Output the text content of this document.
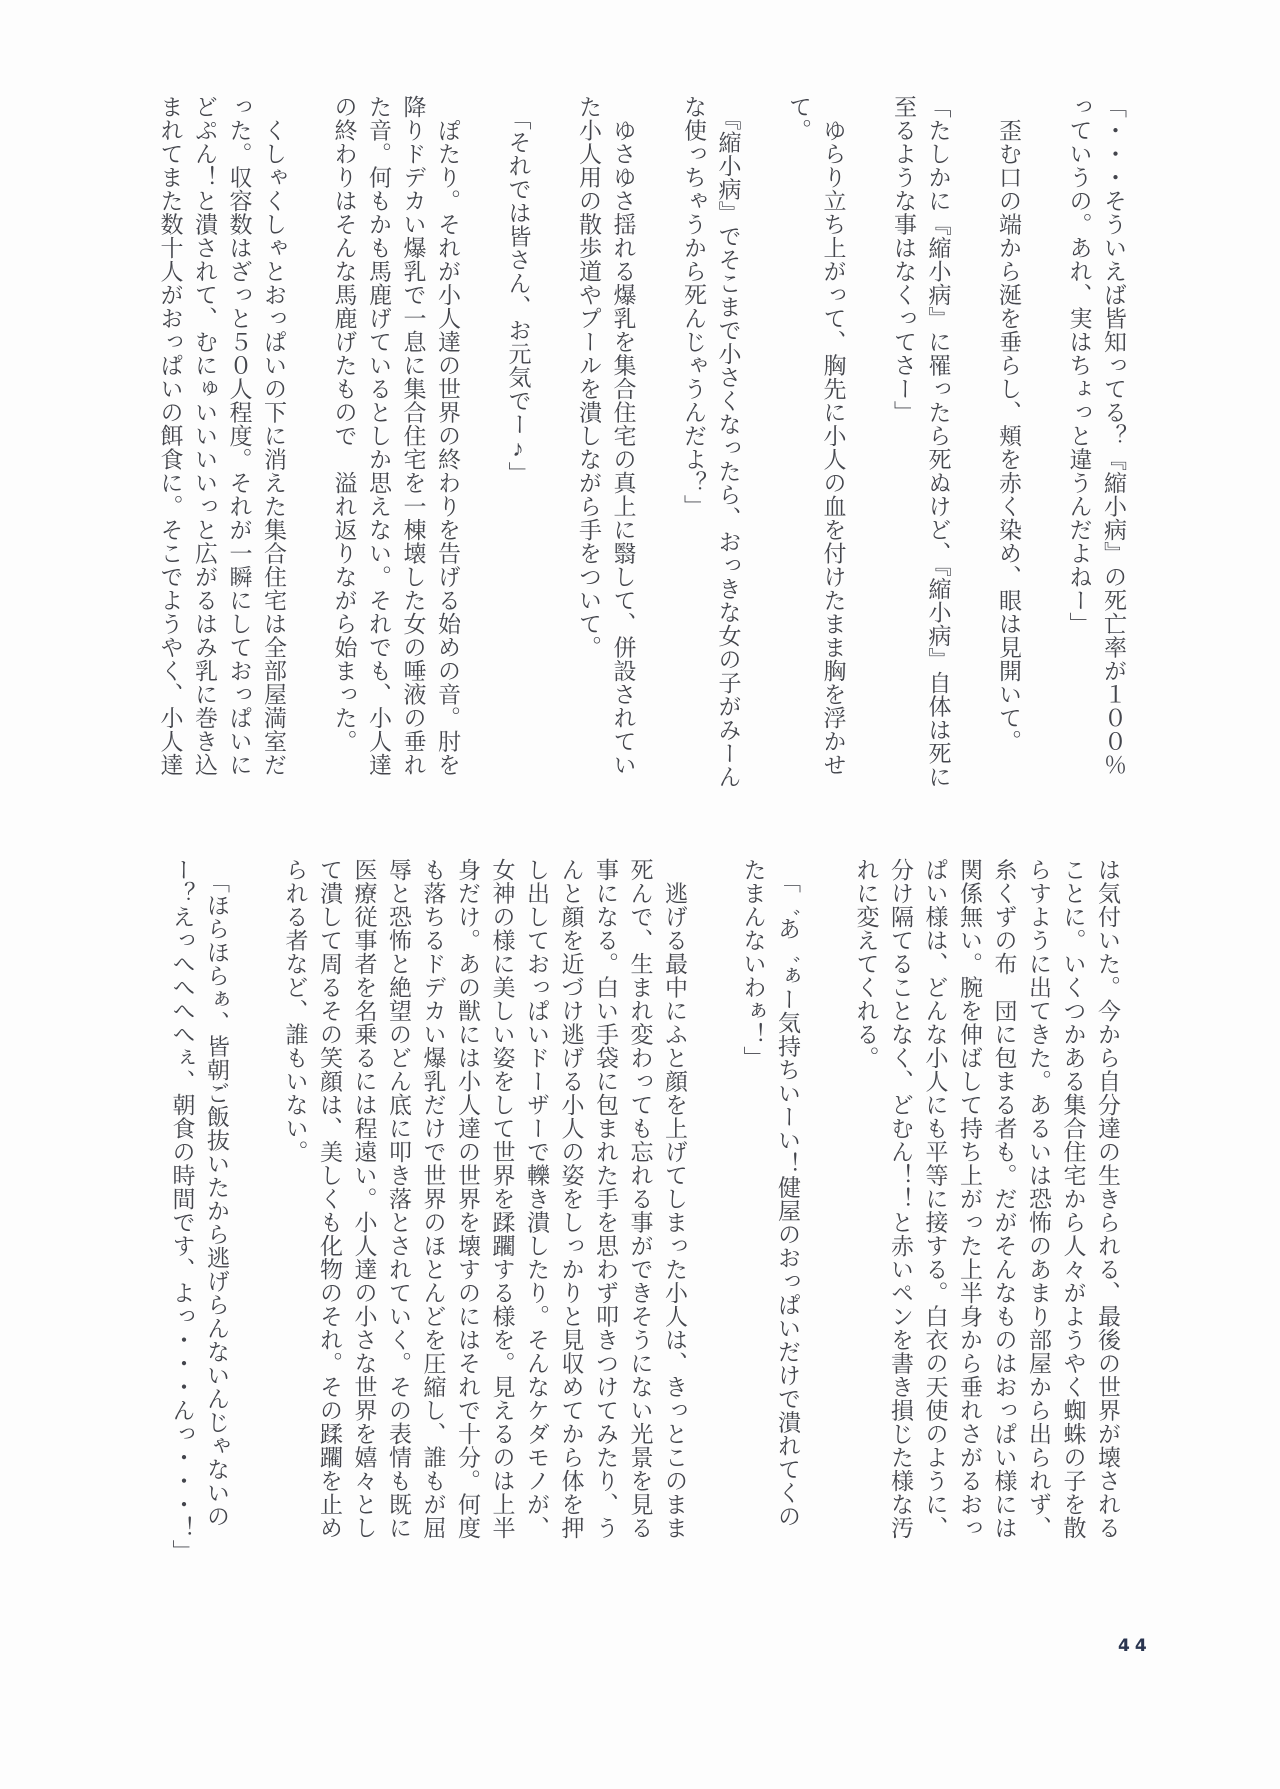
「・・・そういえば皆知ってる？『縮小病』の死亡率が１００％
っていうの。あれ、実はちょっと違うんだよねー」

　歪む口の端から涎を垂らし、頬を赤く染め、眼は見開いて。

「たしかに『縮小病』に罹ったら死ぬけど、『縮小病』自体は死に
至るような事はなくってさー」

　ゆらり立ち上がって、胸先に小人の血を付けたまま胸を浮かせ
て。

　『縮小病』でそこまで小さくなったら、おっきな女の子がみーん
な使っちゃうから死んじゃうんだよ？」

　ゆさゆさ揺れる爆乳を集合住宅の真上に翳して、併設されてい
た小人用の散歩道やプールを潰しながら手をついて。

　「それでは皆さん、お元気でー♪」

　ぽたり。それが小人達の世界の終わりを告げる始めの音。肘を
降りドデカい爆乳で一息に集合住宅を一棟壊した女の唾液の垂れ
た音。何もかも馬鹿げているとしか思えない。それでも、小人達
の終わりはそんな馬鹿げたもので　溢れ返りながら始まった。

　くしゃくしゃとおっぱいの下に消えた集合住宅は全部屋満室だ
った。収容数はざっと５０人程度。それが一瞬にしておっぱいに
どぷん！と潰されて、むにゅいいいいっと広がるはみ乳に巻き込
まれてまた数十人がおっぱいの餌食に。そこでようやく、小人達

は気付いた。今から自分達の生きられる、最後の世界が壊される
ことに。いくつかある集合住宅から人々がようやく蜘蛛の子を散
らすように出てきた。あるいは恐怖のあまり部屋から出られず、
糸くずの布　団に包まる者も。だがそんなものはおっぱい様には
関係無い。腕を伸ばして持ち上がった上半身から垂れさがるおっ
ぱい様は、どんな小人にも平等に接する。白衣の天使のように、
分け隔てることなく、どむん！！と赤いペンを書き損じた様な汚
れに変えてくれる。

　「゛あ゛ぁー気持ちいーい！健屋のおっぱいだけで潰れてくの
たまんないわぁ！」

　逃げる最中にふと顔を上げてしまった小人は、きっとこのまま
死んで、生まれ変わっても忘れる事ができそうにない光景を見る
事になる。白い手袋に包まれた手を思わず叩きつけてみたり、う
んと顔を近づけ逃げる小人の姿をしっかりと見収めてから体を押
し出しておっぱいドーザーで轢き潰したり。そんなケダモノが、
女神の様に美しい姿をして世界を蹂躙する様を。見えるのは上半
身だけ。あの獣には小人達の世界を壊すのにはそれで十分。何度
も落ちるドデカい爆乳だけで世界のほとんどを圧縮し、誰もが屈
辱と恐怖と絶望のどん底に叩き落とされていく。その表情も既に
医療従事者を名乗るには程遠い。小人達の小さな世界を嬉々とし
て潰して周るその笑顔は、美しくも化物のそれ。その蹂躙を止め
られる者など、誰もいない。

　「ほらほらぁ、皆朝ご飯抜いたから逃げらんないんじゃないの
ー？えっへへへへぇ、朝食の時間です、よっ・・・んっ・・・！」

44
